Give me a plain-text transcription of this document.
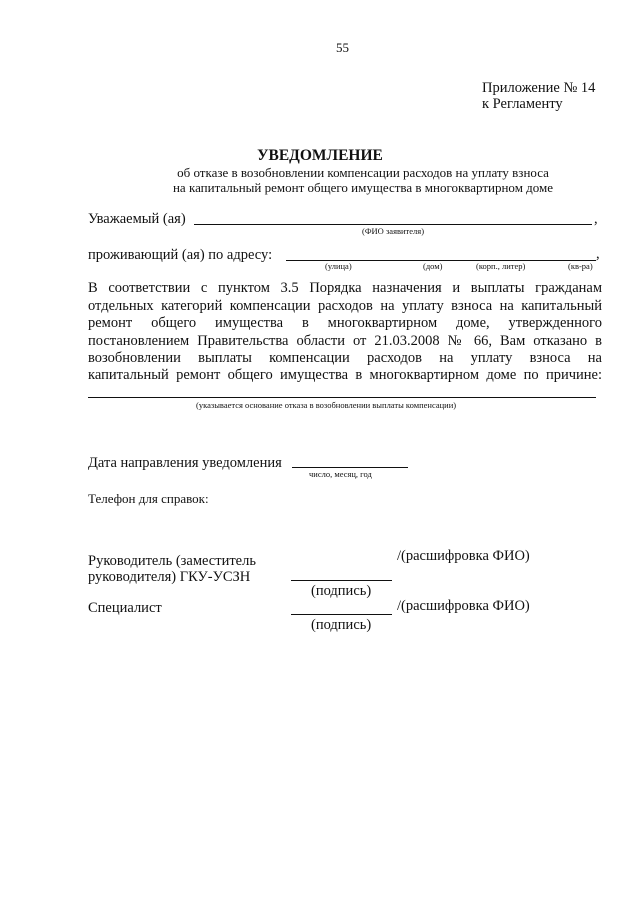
55
Приложение № 14
к Регламенту
УВЕДОМЛЕНИЕ
об отказе в возобновлении компенсации расходов на уплату взноса
на капитальный ремонт общего имущества в многоквартирном доме
Уважаемый (ая)	,
(ФИО заявителя)
проживающий (ая) по адресу:	,
(улица)	(дом)	(корп., литер)	(кв-ра)
В соответствии с пунктом 3.5 Порядка назначения и выплаты гражданам
отдельных категорий компенсации расходов на уплату взноса на капитальный
ремонт общего имущества в многоквартирном доме, утвержденного
постановлением Правительства области от 21.03.2008 № 66, Вам отказано в
возобновлении выплаты компенсации расходов на уплату взноса на
капитальный ремонт общего имущества в многоквартирном доме по причине:
(указывается основание отказа в возобновлении выплаты компенсации)
Дата направления уведомления
число, месяц, год
Телефон для справок:
Руководитель (заместитель
руководителя) ГКУ-УСЗН
/(расшифровка ФИО)
(подпись)
Специалист	/(расшифровка ФИО)
(подпись)
